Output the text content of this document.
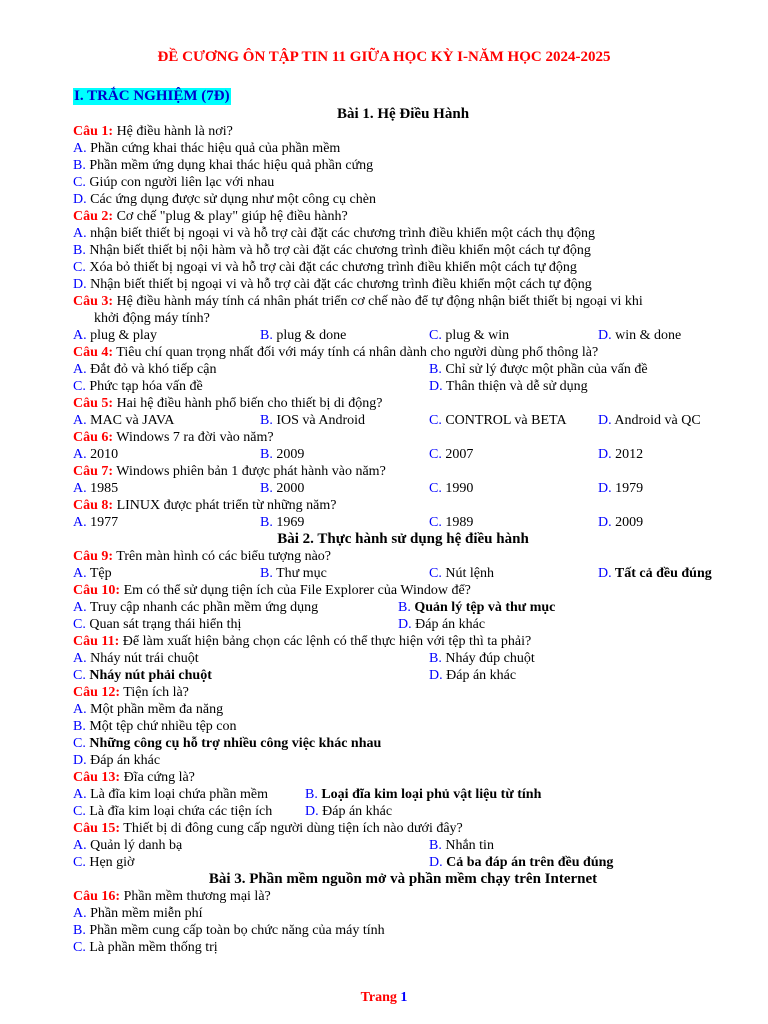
ĐỀ CƯƠNG ÔN TẬP TIN 11 GIỮA HỌC KỲ I-NĂM HỌC 2024-2025
I. TRẮC NGHIỆM (7Đ)
Bài 1. Hệ Điều Hành
Câu 1: Hệ điều hành là nơi?
A. Phần cứng khai thác hiệu quả của phần mềm
B. Phần mềm ứng dụng khai thác hiệu quả phần cứng
C. Giúp con người liên lạc với nhau
D. Các ứng dụng được sử dụng như một công cụ chèn
Câu 2: Cơ chế "plug & play" giúp hệ điều hành?
A. nhận biết thiết bị ngoại vi và hỗ trợ cài đặt các chương trình điều khiển một cách thụ động
B. Nhận biết thiết bị nội hàm và hỗ trợ cài đặt các chương trình điều khiển một cách tự động
C. Xóa bỏ thiết bị ngoại vi và hỗ trợ cài đặt các chương trình điều khiển một cách tự động
D. Nhận biết thiết bị ngoại vi và hỗ trợ cài đặt các chương trình điều khiển một cách tự động
Câu 3: Hệ điều hành máy tính cá nhân phát triển cơ chế nào để tự động nhận biết thiết bị ngoại vi khi
khởi động máy tính?
A. plug & play	B. plug & done	C. plug & win	D. win & done
Câu 4: Tiêu chí quan trọng nhất đối với máy tính cá nhân dành cho người dùng phổ thông là?
A. Đắt đỏ và khó tiếp cận	B. Chỉ sử lý được một phần của vấn đề
C. Phức tạp hóa vấn đề	D. Thân thiện và dễ sử dụng
Câu 5: Hai hệ điều hành phổ biến cho thiết bị di động?
A. MAC và JAVA	B. IOS và Android	C. CONTROL và BETA D. Android và QC
Câu 6: Windows 7 ra đời vào năm?
A. 2010	B. 2009	C. 2007	D. 2012
Câu 7: Windows phiên bản 1 được phát hành vào năm?
A. 1985	B. 2000	C. 1990	D. 1979
Câu 8: LINUX được phát triển từ những năm?
A. 1977	B. 1969	C. 1989	D. 2009
Bài 2. Thực hành sử dụng hệ điều hành
Câu 9: Trên màn hình có các biểu tượng nào?
A. Tệp	B. Thư mục	C. Nút lệnh	D. Tất cả đều đúng
Câu 10: Em có thể sử dụng tiện ích của File Explorer của Window để?
A. Truy cập nhanh các phần mềm ứng dụng	B. Quản lý tệp và thư mục
C. Quan sát trạng thái hiển thị	D. Đáp án khác
Câu 11: Để làm xuất hiện bảng chọn các lệnh có thể thực hiện với tệp thì ta phải?
A. Nháy nút trái chuột	B. Nháy đúp chuột
C. Nháy nút phải chuột	D. Đáp án khác
Câu 12: Tiện ích là?
A. Một phần mềm đa năng
B. Một tệp chứ nhiều tệp con
C. Những công cụ hỗ trợ nhiều công việc khác nhau
D. Đáp án khác
Câu 13: Đĩa cứng là?
A. Là đĩa kim loại chứa phần mềm	B. Loại đĩa kim loại phủ vật liệu từ tính
C. Là đĩa kim loại chứa các tiện ích D. Đáp án khác
Câu 15: Thiết bị di đông cung cấp người dùng tiện ích nào dưới đây?
A. Quản lý danh bạ	B. Nhắn tin
C. Hẹn giờ	D. Cả ba đáp án trên đều đúng
Bài 3. Phần mềm nguồn mở và phần mềm chạy trên Internet
Câu 16: Phần mềm thương mại là?
A. Phần mềm miễn phí
B. Phần mềm cung cấp toàn bọ chức năng của máy tính
C. Là phần mềm thống trị
Trang 1
